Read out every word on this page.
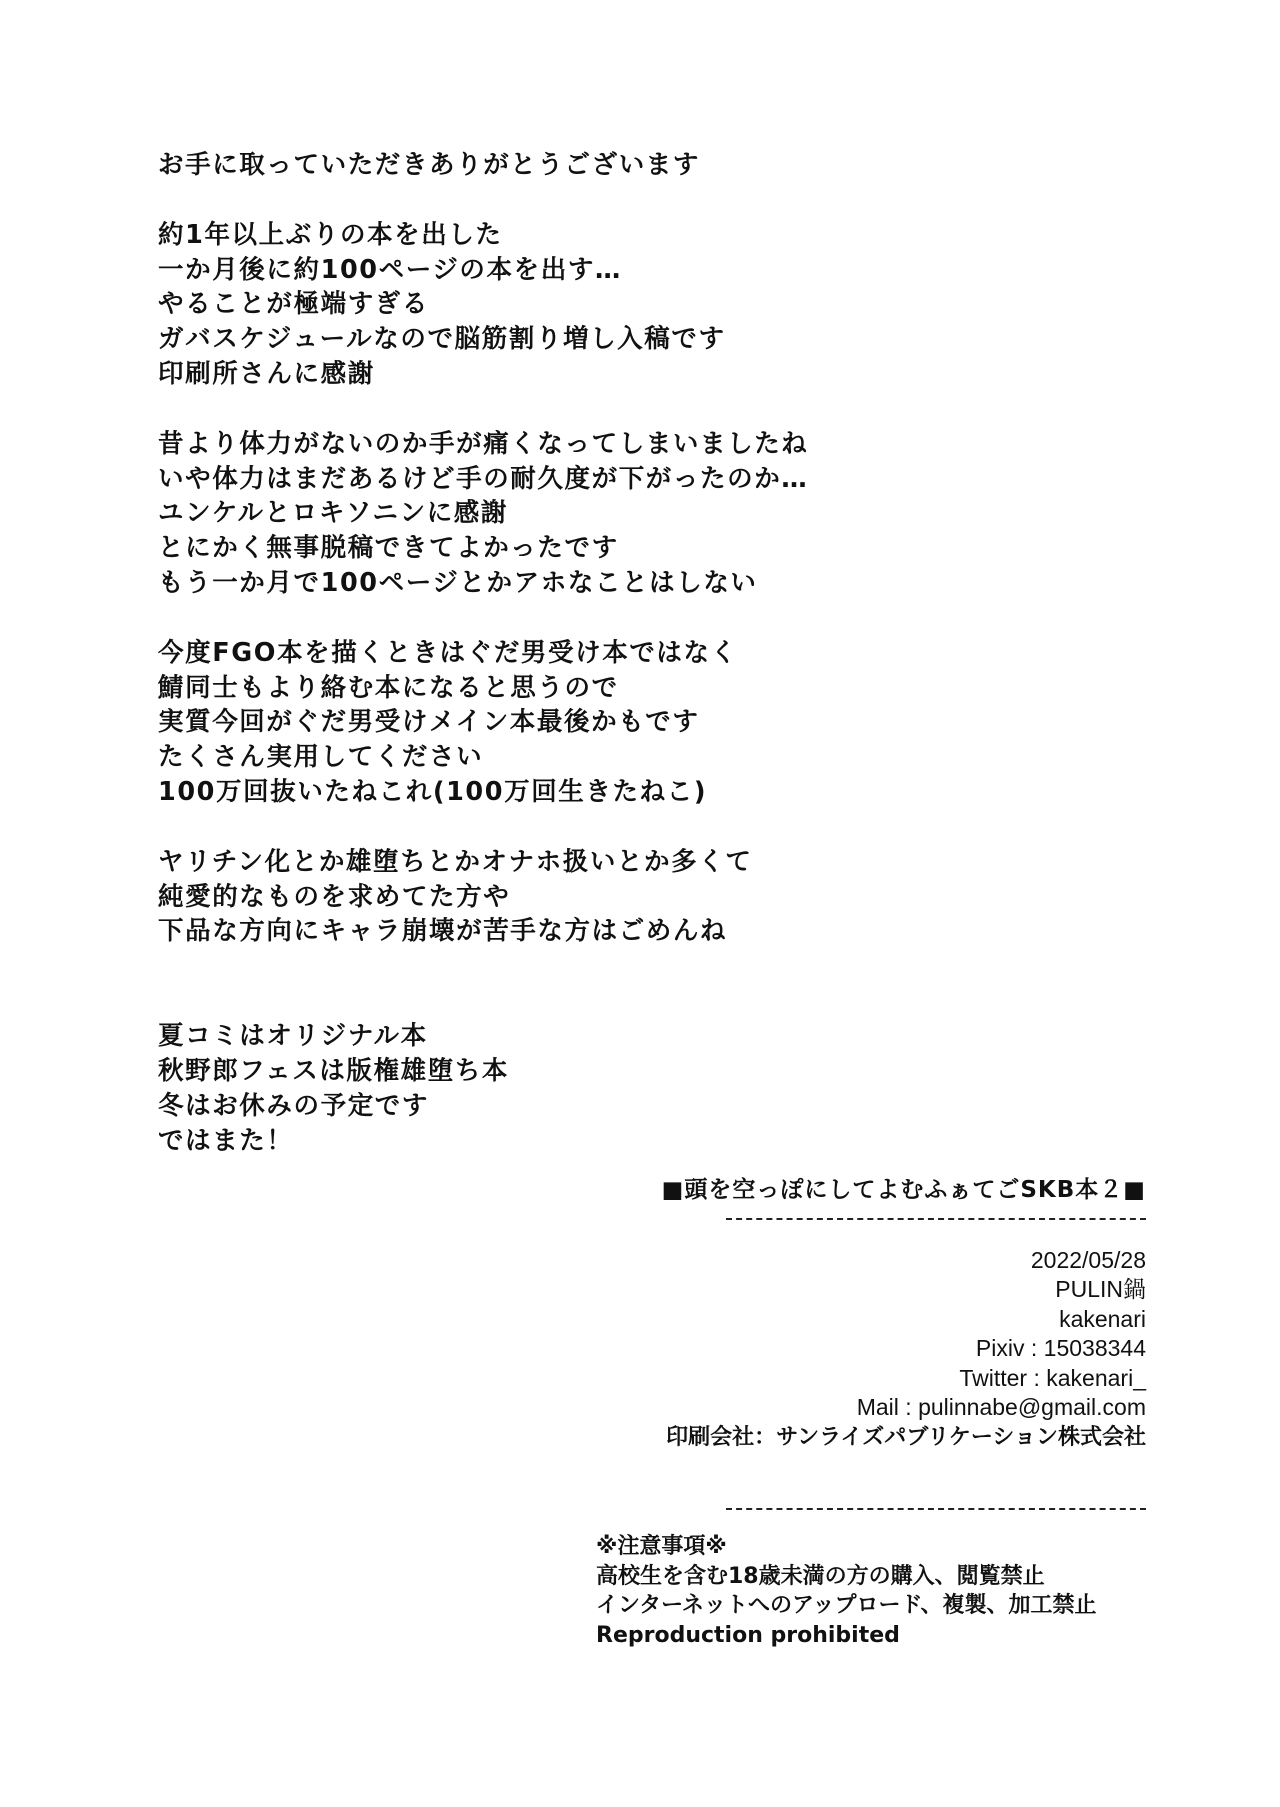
お手に取っていただきありがとうございます
約1年以上ぶりの本を出した
一か月後に約100ページの本を出す…
やることが極端すぎる
ガバスケジュールなので脳筋割り増し入稿です
印刷所さんに感謝
昔より体力がないのか手が痛くなってしまいましたね
いや体力はまだあるけど手の耐久度が下がったのか…
ユンケルとロキソニンに感謝
とにかく無事脱稿できてよかったです
もう一か月で100ページとかアホなことはしない
今度FGO本を描くときはぐだ男受け本ではなく
鯖同士もより絡む本になると思うので
実質今回がぐだ男受けメイン本最後かもです
たくさん実用してください
100万回抜いたねこれ(100万回生きたねこ)
ヤリチン化とか雄堕ちとかオナホ扱いとか多くて
純愛的なものを求めてた方や
下品な方向にキャラ崩壊が苦手な方はごめんね
夏コミはオリジナル本
秋野郎フェスは版権雄堕ち本
冬はお休みの予定です
ではまた！
■頭を空っぽにしてよむふぁてごSKB本２■
2022/05/28
PULIN鍋
kakenari
Pixiv : 15038344
Twitter : kakenari_
Mail : pulinnabe@gmail.com
印刷会社：サンライズパブリケーション株式会社
※注意事項※
高校生を含む18歳未満の方の購入、閲覧禁止
インターネットへのアップロード、複製、加工禁止
Reproduction prohibited
